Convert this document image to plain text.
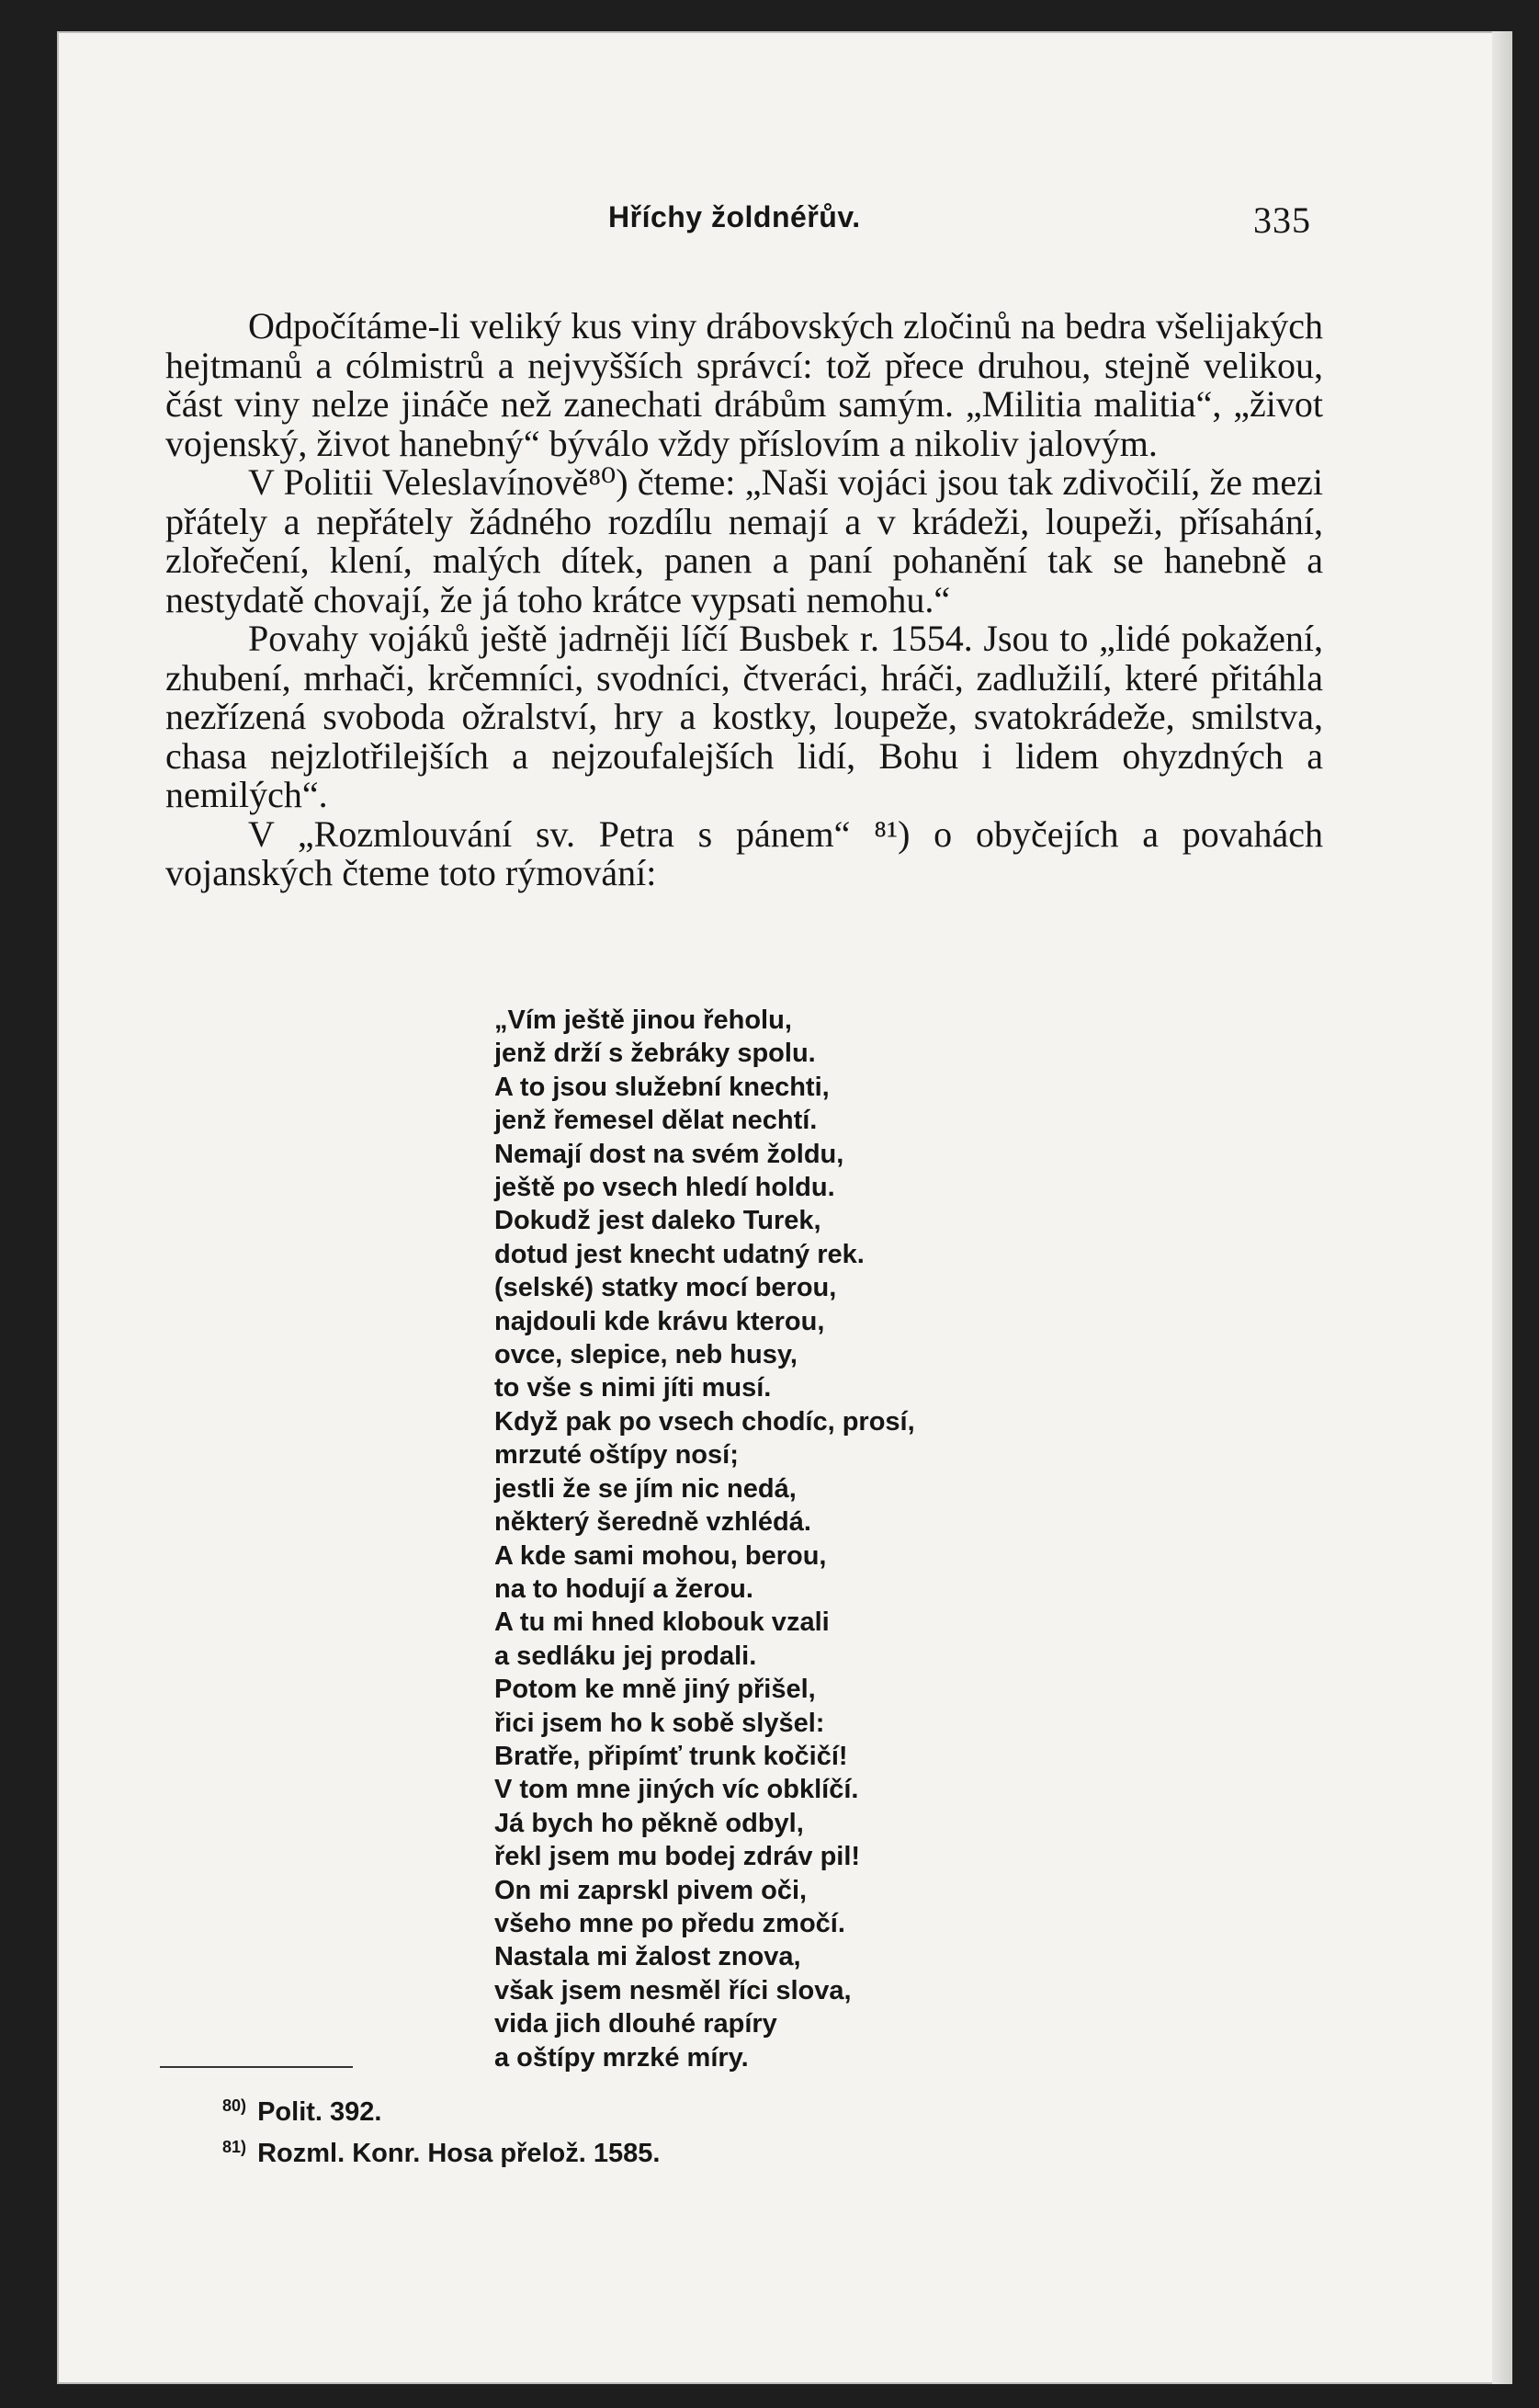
Hříchy žoldnéřův.	335

Odpočítáme-li veliký kus viny drábovských zločinů na bedra všelijakých hejtmanů a cólmistrů a nejvyšších správcí: tož přece druhou, stejně velikou, část viny nelze jináče než zanechati drábům samým. „Militia malitia“, „život vojenský, život hanebný“ býválo vždy příslovím a nikoliv jalovým.

V Politii Veleslavínově⁸⁰) čteme: „Naši vojáci jsou tak zdivočilí, že mezi přátely a nepřátely žádného rozdílu nemají a v krádeži, loupeži, přísahání, zlořečení, klení, malých dítek, panen a paní pohanění tak se hanebně a nestydatě chovají, že já toho krátce vypsati nemohu.“

Povahy vojáků ještě jadrněji líčí Busbek r. 1554. Jsou to „lidé pokažení, zhubení, mrhači, krčemníci, svodníci, čtveráci, hráči, zadlužilí, které přitáhla nezřízená svoboda ožralství, hry a kostky, loupeže, svatokrádeže, smilstva, chasa nejzlotřilejších a nejzoufalejších lidí, Bohu i lidem ohyzdných a nemilých“.

V „Rozmlouvání sv. Petra s pánem“ ⁸¹) o obyčejích a povahách vojanských čteme toto rýmování:

„Vím ještě jinou řeholu,
jenž drží s žebráky spolu.
A to jsou služební knechti,
jenž řemesel dělat nechtí.
Nemají dost na svém žoldu,
ještě po vsech hledí holdu.
Dokudž jest daleko Turek,
dotud jest knecht udatný rek.
(selské) statky mocí berou,
najdouli kde krávu kterou,
ovce, slepice, neb husy,
to vše s nimi jíti musí.
Když pak po vsech chodíc, prosí,
mrzuté oštípy nosí;
jestli že se jím nic nedá,
některý šeredně vzhlédá.
A kde sami mohou, berou,
na to hodují a žerou.
A tu mi hned klobouk vzali
a sedláku jej prodali.
Potom ke mně jiný přišel,
řici jsem ho k sobě slyšel:
Bratře, připímť trunk kočičí!
V tom mne jiných víc obklíčí.
Já bych ho pěkně odbyl,
řekl jsem mu bodej zdráv pil!
On mi zaprskl pivem oči,
všeho mne po předu zmočí.
Nastala mi žalost znova,
však jsem nesměl říci slova,
vida jich dlouhé rapíry
a oštípy mrzké míry.
$^{80)}$ Polit. 392.
$^{81)}$ Rozml. Konr. Hosa přelož. 1585.
